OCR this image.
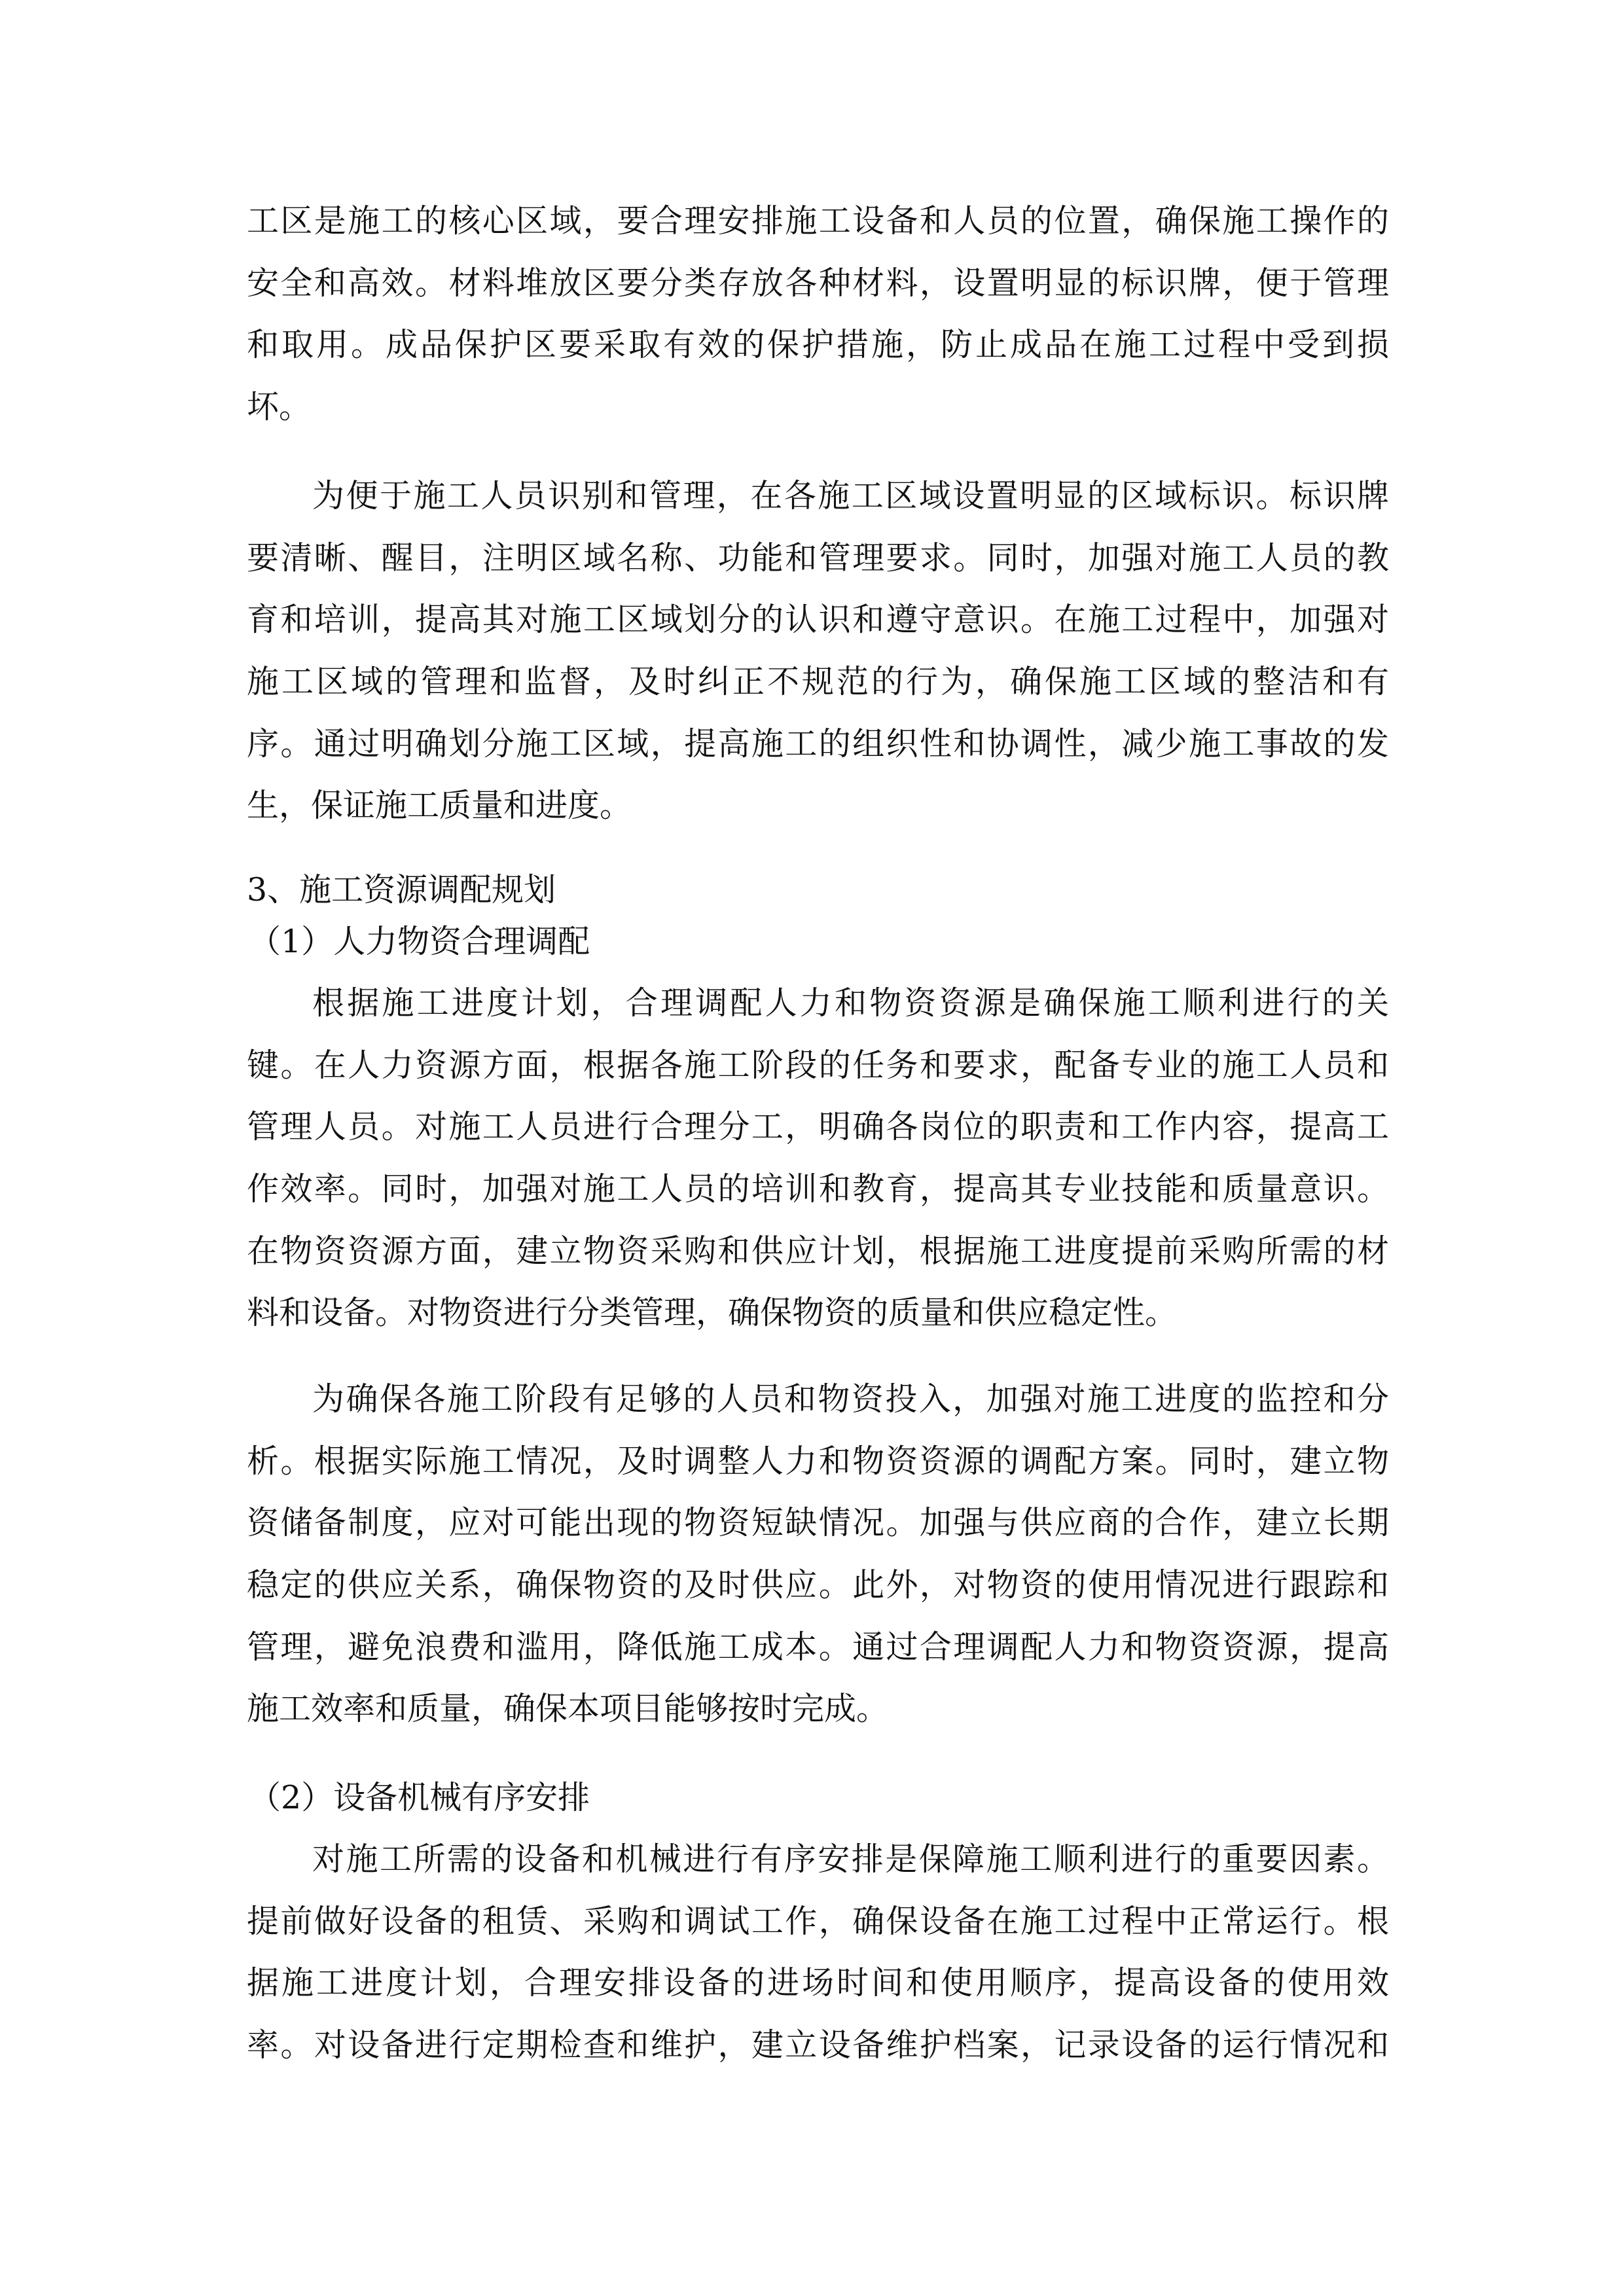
工区是施工的核心区域，要合理安排施工设备和人员的位置，确保施工操作的
安全和高效。材料堆放区要分类存放各种材料，设置明显的标识牌，便于管理
和取用。成品保护区要采取有效的保护措施，防止成品在施工过程中受到损
坏。
为便于施工人员识别和管理，在各施工区域设置明显的区域标识。标识牌
要清晰、醒目，注明区域名称、功能和管理要求。同时，加强对施工人员的教
育和培训，提高其对施工区域划分的认识和遵守意识。在施工过程中，加强对
施工区域的管理和监督，及时纠正不规范的行为，确保施工区域的整洁和有
序。通过明确划分施工区域，提高施工的组织性和协调性，减少施工事故的发
生，保证施工质量和进度。
3、施工资源调配规划
（1）人力物资合理调配
根据施工进度计划，合理调配人力和物资资源是确保施工顺利进行的关
键。在人力资源方面，根据各施工阶段的任务和要求，配备专业的施工人员和
管理人员。对施工人员进行合理分工，明确各岗位的职责和工作内容，提高工
作效率。同时，加强对施工人员的培训和教育，提高其专业技能和质量意识。
在物资资源方面，建立物资采购和供应计划，根据施工进度提前采购所需的材
料和设备。对物资进行分类管理，确保物资的质量和供应稳定性。
为确保各施工阶段有足够的人员和物资投入，加强对施工进度的监控和分
析。根据实际施工情况，及时调整人力和物资资源的调配方案。同时，建立物
资储备制度，应对可能出现的物资短缺情况。加强与供应商的合作，建立长期
稳定的供应关系，确保物资的及时供应。此外，对物资的使用情况进行跟踪和
管理，避免浪费和滥用，降低施工成本。通过合理调配人力和物资资源，提高
施工效率和质量，确保本项目能够按时完成。
（2）设备机械有序安排
对施工所需的设备和机械进行有序安排是保障施工顺利进行的重要因素。
提前做好设备的租赁、采购和调试工作，确保设备在施工过程中正常运行。根
据施工进度计划，合理安排设备的进场时间和使用顺序，提高设备的使用效
率。对设备进行定期检查和维护，建立设备维护档案，记录设备的运行情况和
